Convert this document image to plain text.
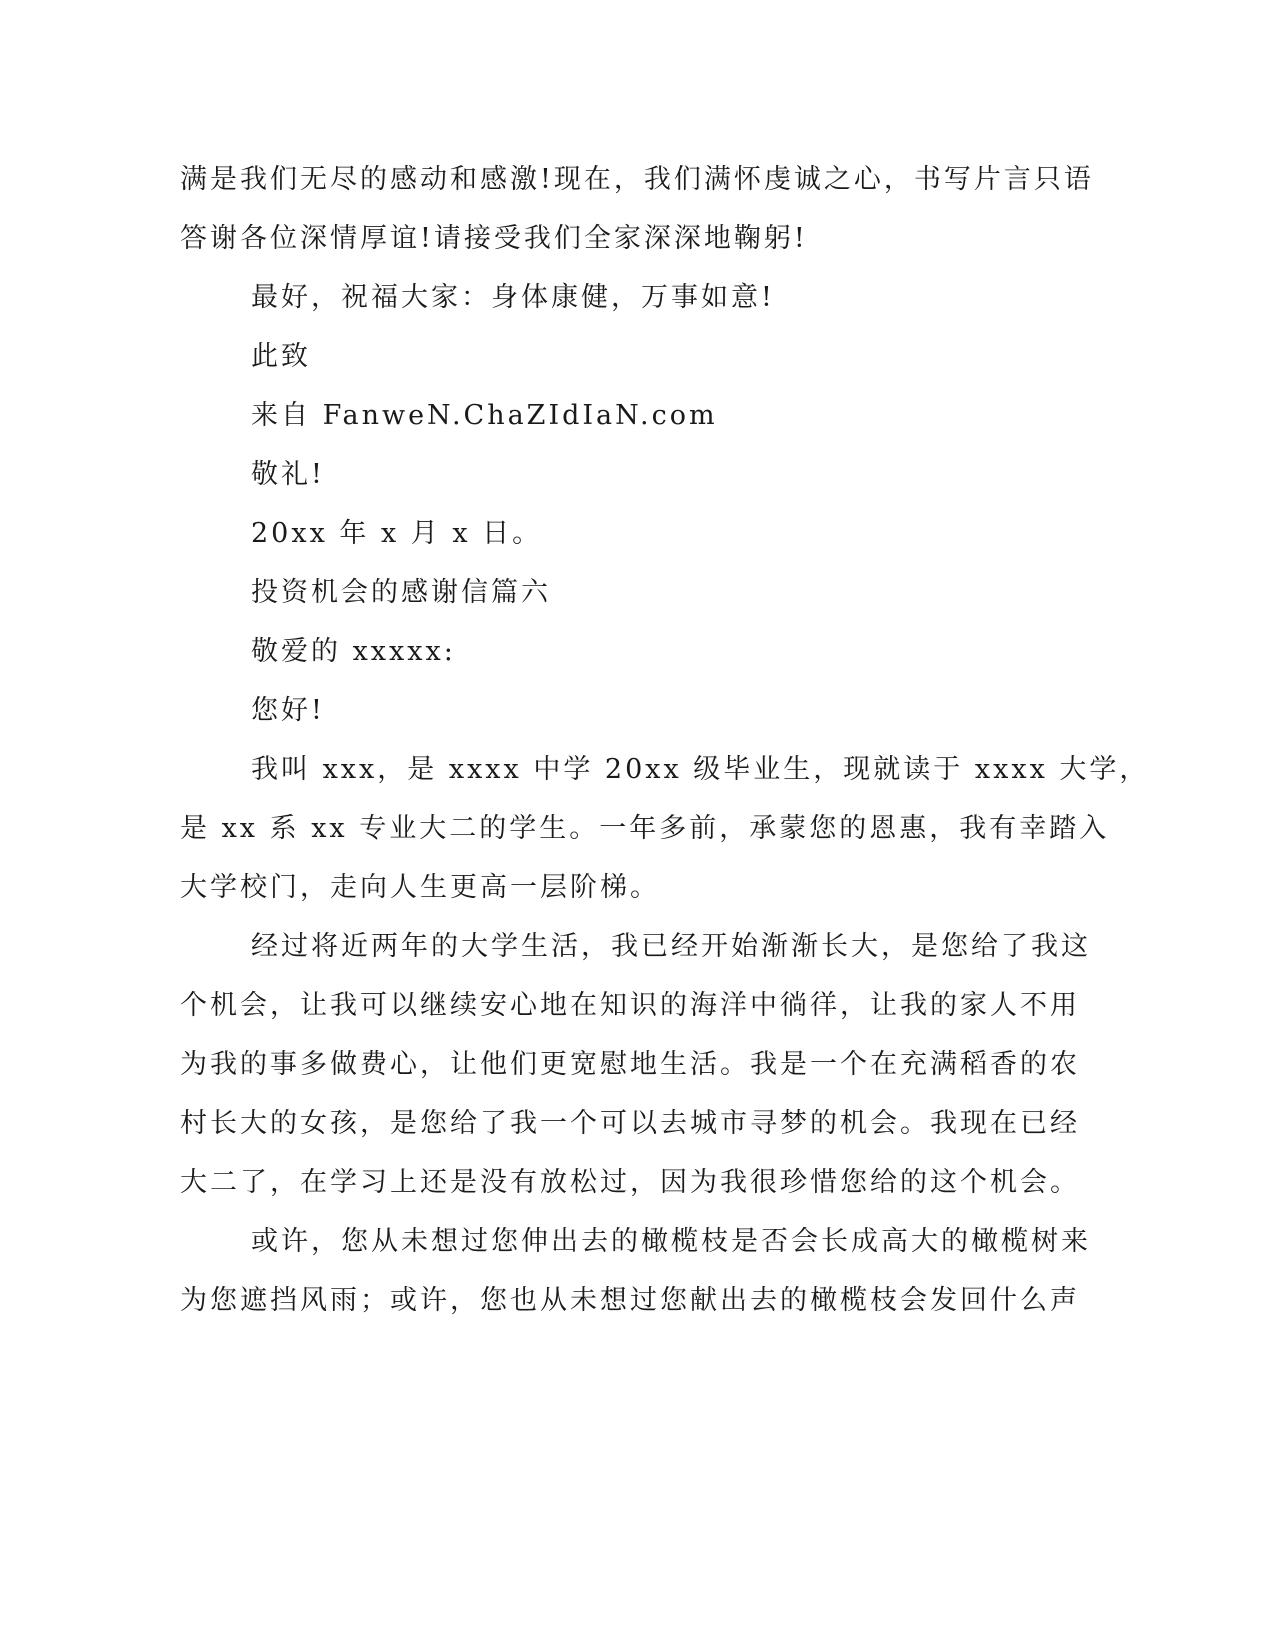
满是我们无尽的感动和感激!现在，我们满怀虔诚之心，书写片言只语
答谢各位深情厚谊!请接受我们全家深深地鞠躬!
最好，祝福大家：身体康健，万事如意!
此致
来自 FanweN.ChaZIdIaN.com
敬礼!
20xx 年 x 月 x 日。
投资机会的感谢信篇六
敬爱的 xxxxx:
您好!
我叫 xxx，是 xxxx 中学 20xx 级毕业生，现就读于 xxxx 大学，
是 xx 系 xx 专业大二的学生。一年多前，承蒙您的恩惠，我有幸踏入
大学校门，走向人生更高一层阶梯。
经过将近两年的大学生活，我已经开始渐渐长大，是您给了我这
个机会，让我可以继续安心地在知识的海洋中徜徉，让我的家人不用
为我的事多做费心，让他们更宽慰地生活。我是一个在充满稻香的农
村长大的女孩，是您给了我一个可以去城市寻梦的机会。我现在已经
大二了，在学习上还是没有放松过，因为我很珍惜您给的这个机会。
或许，您从未想过您伸出去的橄榄枝是否会长成高大的橄榄树来
为您遮挡风雨；或许，您也从未想过您献出去的橄榄枝会发回什么声
